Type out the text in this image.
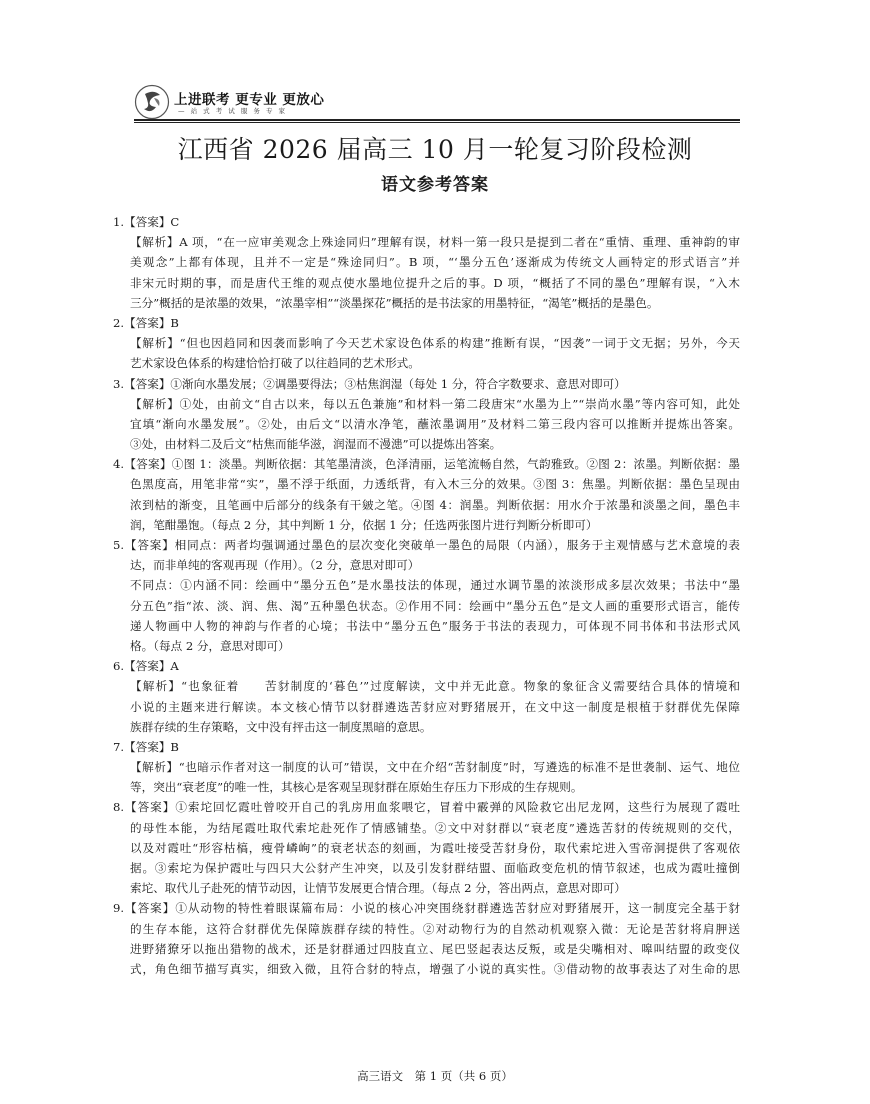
上进联考 更专业 更放心
— 站 式 考 试 服 务 专 家
江西省 2026 届高三 10 月一轮复习阶段检测
语文参考答案
1.【答案】C
【解析】A 项，“在一应审美观念上殊途同归”理解有误，材料一第一段只是提到二者在“重情、重理、重神韵的审
美观念”上都有体现，且并不一定是“殊途同归”。B 项，“‘墨分五色’逐渐成为传统文人画特定的形式语言”并
非宋元时期的事，而是唐代王维的观点使水墨地位提升之后的事。D 项，“概括了不同的墨色”理解有误，“入木
三分”概括的是浓墨的效果，“浓墨宰相”“淡墨探花”概括的是书法家的用墨特征，“渴笔”概括的是墨色。
2.【答案】B
【解析】“但也因趋同和因袭而影响了今天艺术家设色体系的构建”推断有误，“因袭”一词于文无据；另外，今天
艺术家设色体系的构建恰恰打破了以往趋同的艺术形式。
3.【答案】①渐向水墨发展；②调墨要得法；③枯焦润湿（每处 1 分，符合字数要求、意思对即可）
【解析】①处，由前文“自古以来，每以五色兼施”和材料一第二段唐宋“水墨为上”“崇尚水墨”等内容可知，此处
宜填“渐向水墨发展”。②处，由后文“以清水净笔，蘸浓墨调用”及材料二第三段内容可以推断并提炼出答案。
③处，由材料二及后文“枯焦而能华滋，润湿而不漫漶”可以提炼出答案。
4.【答案】①图 1：淡墨。判断依据：其笔墨清淡，色泽清丽，运笔流畅自然，气韵雅致。②图 2：浓墨。判断依据：墨
色黑度高，用笔非常“实”，墨不浮于纸面，力透纸背，有入木三分的效果。③图 3：焦墨。判断依据：墨色呈现由
浓到枯的渐变，且笔画中后部分的线条有干皴之笔。④图 4：润墨。判断依据：用水介于浓墨和淡墨之间，墨色丰
润，笔酣墨饱。（每点 2 分，其中判断 1 分，依据 1 分；任选两张图片进行判断分析即可）
5.【答案】相同点：两者均强调通过墨色的层次变化突破单一墨色的局限（内涵），服务于主观情感与艺术意境的表
达，而非单纯的客观再现（作用）。（2 分，意思对即可）
不同点：①内涵不同：绘画中“墨分五色”是水墨技法的体现，通过水调节墨的浓淡形成多层次效果；书法中“墨
分五色”指“浓、淡、润、焦、渴”五种墨色状态。②作用不同：绘画中“墨分五色”是文人画的重要形式语言，能传
递人物画中人物的神韵与作者的心境；书法中“墨分五色”服务于书法的表现力，可体现不同书体和书法形式风
格。（每点 2 分，意思对即可）
6.【答案】A
【解析】“也象征着　　苦豺制度的‘暮色’”过度解读，文中并无此意。物象的象征含义需要结合具体的情境和
小说的主题来进行解读。本文核心情节以豺群遴选苦豺应对野猪展开，在文中这一制度是根植于豺群优先保障
族群存续的生存策略，文中没有抨击这一制度黑暗的意思。
7.【答案】B
【解析】“也暗示作者对这一制度的认可”错误，文中在介绍“苦豺制度”时，写遴选的标准不是世袭制、运气、地位
等，突出“衰老度”的唯一性，其核心是客观呈现豺群在原始生存压力下形成的生存规则。
8.【答案】①索坨回忆霞吐曾咬开自己的乳房用血浆喂它，冒着中霰弹的风险救它出尼龙网，这些行为展现了霞吐
的母性本能，为结尾霞吐取代索坨赴死作了情感铺垫。②文中对豺群以“衰老度”遴选苦豺的传统规则的交代，
以及对霞吐“形容枯槁，瘦骨嶙峋”的衰老状态的刻画，为霞吐接受苦豺身份，取代索坨进入雪帝洞提供了客观依
据。③索坨为保护霞吐与四只大公豺产生冲突，以及引发豺群结盟、面临政变危机的情节叙述，也成为霞吐撞倒
索坨、取代儿子赴死的情节动因，让情节发展更合情合理。（每点 2 分，答出两点，意思对即可）
9.【答案】①从动物的特性着眼谋篇布局：小说的核心冲突围绕豺群遴选苦豺应对野猪展开，这一制度完全基于豺
的生存本能，这符合豺群优先保障族群存续的特性。②对动物行为的自然动机观察入微：无论是苦豺将肩胛送
进野猪獠牙以拖出猎物的战术，还是豺群通过四肢直立、尾巴竖起表达反叛，或是尖嘴相对、嗥叫结盟的政变仪
式，角色细节描写真实，细致入微，且符合豺的特点，增强了小说的真实性。③借动物的故事表达了对生命的思
高三语文　第 1 页（共 6 页）
